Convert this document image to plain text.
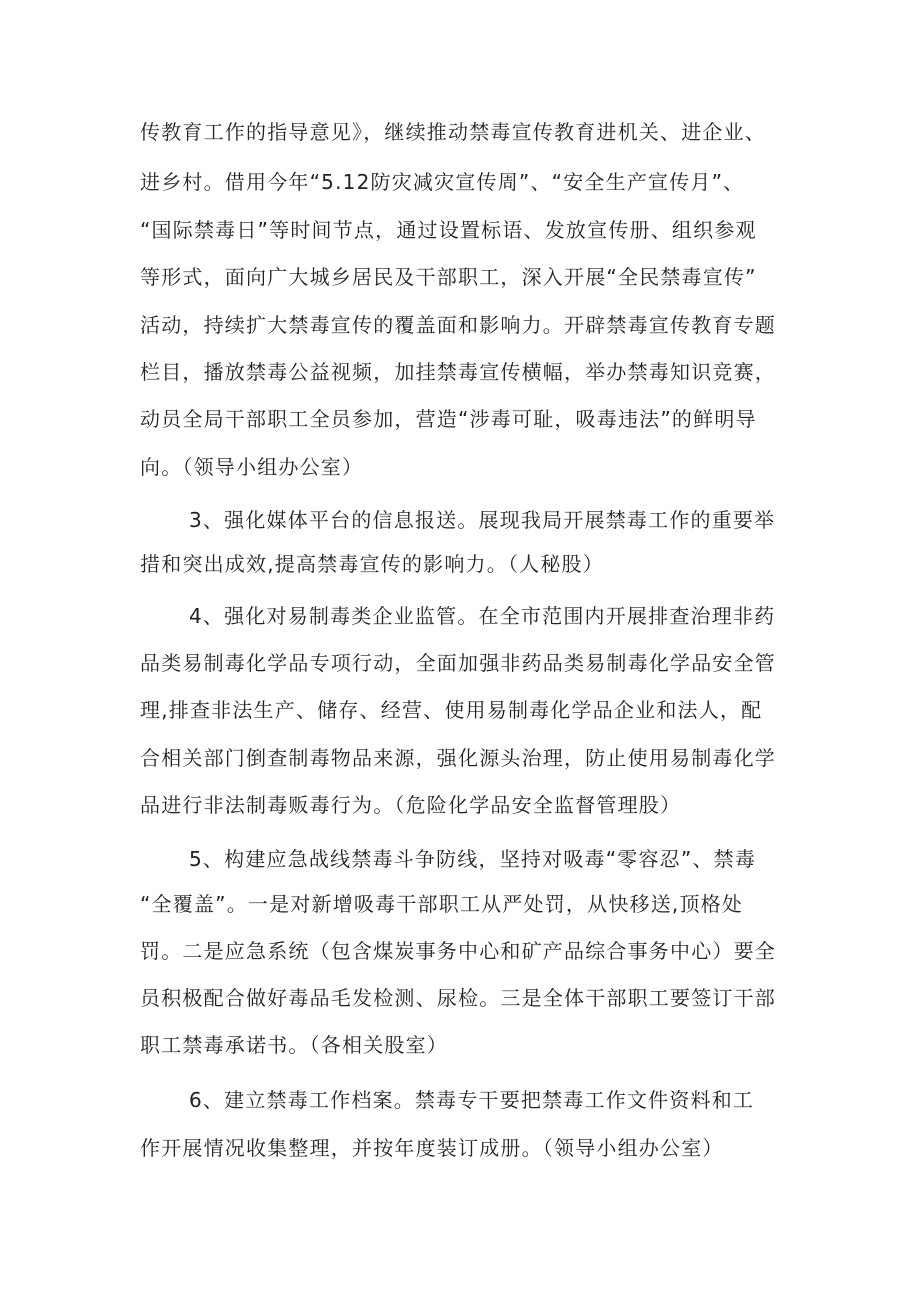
传教育工作的指导意见》，继续推动禁毒宣传教育进机关、进企业、
进乡村。借用今年“5.12防灾减灾宣传周”、“安全生产宣传月”、
“国际禁毒日”等时间节点，通过设置标语、发放宣传册、组织参观
等形式，面向广大城乡居民及干部职工，深入开展“全民禁毒宣传”
活动，持续扩大禁毒宣传的覆盖面和影响力。开辟禁毒宣传教育专题
栏目，播放禁毒公益视频，加挂禁毒宣传横幅，举办禁毒知识竞赛，
动员全局干部职工全员参加，营造“涉毒可耻，吸毒违法”的鲜明导
向。（领导小组办公室）
3、强化媒体平台的信息报送。展现我局开展禁毒工作的重要举
措和突出成效,提高禁毒宣传的影响力。（人秘股）
4、强化对易制毒类企业监管。在全市范围内开展排查治理非药
品类易制毒化学品专项行动，全面加强非药品类易制毒化学品安全管
理,排查非法生产、储存、经营、使用易制毒化学品企业和法人，配
合相关部门倒查制毒物品来源，强化源头治理，防止使用易制毒化学
品进行非法制毒贩毒行为。（危险化学品安全监督管理股）
5、构建应急战线禁毒斗争防线，坚持对吸毒“零容忍”、禁毒
“全覆盖”。一是对新增吸毒干部职工从严处罚，从快移送,顶格处
罚。二是应急系统（包含煤炭事务中心和矿产品综合事务中心）要全
员积极配合做好毒品毛发检测、尿检。三是全体干部职工要签订干部
职工禁毒承诺书。（各相关股室）
6、建立禁毒工作档案。禁毒专干要把禁毒工作文件资料和工
作开展情况收集整理，并按年度装订成册。（领导小组办公室）
